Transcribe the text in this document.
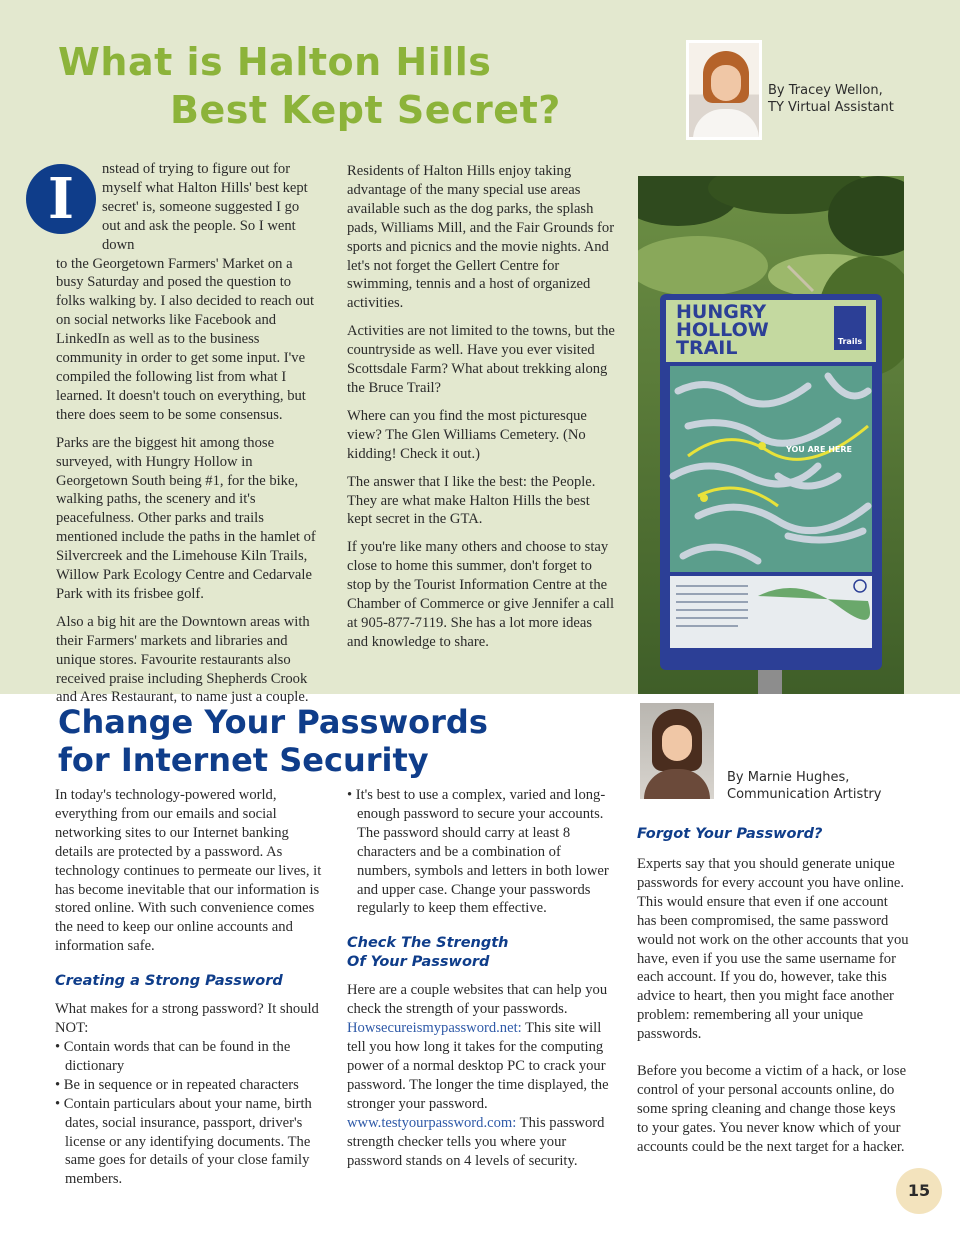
What is Halton Hills
Best Kept Secret?	By Tracey Wellon,
TY Virtual Assistant
I	nstead of trying to figure out for myself what Halton Hills' best kept secret' is, someone suggested I go out and ask the people. So I went down
to the Georgetown Farmers' Market on a busy Saturday and posed the question to folks walking by. I also decided to reach out on social networks like Facebook and LinkedIn as well as to the business community in order to get some input. I've compiled the following list from what I learned. It doesn't touch on everything, but there does seem to be some consensus.

Parks are the biggest hit among those surveyed, with Hungry Hollow in Georgetown South being #1, for the bike, walking paths, the scenery and it's peacefulness. Other parks and trails mentioned include the paths in the hamlet of Silvercreek and the Limehouse Kiln Trails, Willow Park Ecology Centre and Cedarvale Park with its frisbee golf.

Also a big hit are the Downtown areas with their Farmers' markets and libraries and unique stores. Favourite restaurants also received praise including Shepherds Crook and Ares Restaurant, to name just a couple.

Residents of Halton Hills enjoy taking advantage of the many special use areas available such as the dog parks, the splash pads, Williams Mill, and the Fair Grounds for sports and picnics and the movie nights. And let's not forget the Gellert Centre for swimming, tennis and a host of organized activities.

Activities are not limited to the towns, but the countryside as well. Have you ever visited Scottsdale Farm? What about trekking along the Bruce Trail?

Where can you find the most picturesque view? The Glen Williams Cemetery. (No kidding! Check it out.)

The answer that I like the best: the People. They are what make Halton Hills the best kept secret in the GTA.

If you're like many others and choose to stay close to home this summer, don't forget to stop by the Tourist Information Centre at the Chamber of Commerce or give Jennifer a call at 905-877-7119. She has a lot more ideas and knowledge to share.

HUNGRY
HOLLOW
TRAIL	Trails
YOU ARE HERE
Change Your Passwords
for Internet Security	By Marnie Hughes,
Communication Artistry

In today's technology-powered world, everything from our emails and social networking sites to our Internet banking details are protected by a password. As technology continues to permeate our lives, it has become inevitable that our information is stored online. With such convenience comes the need to keep our online accounts and information safe.

Creating a Strong Password

What makes for a strong password? It should NOT:

• Contain words that can be found in the dictionary
• Be in sequence or in repeated characters
• Contain particulars about your name, birth dates, social insurance, passport, driver's license or any identifying documents. The same goes for details of your close family members.
• It's best to use a complex, varied and long-enough password to secure your accounts. The password should carry at least 8 characters and be a combination of numbers, symbols and letters in both lower and upper case. Change your passwords regularly to keep them effective.
Check The Strength
Of Your Password

Here are a couple websites that can help you check the strength of your passwords. Howsecureismypassword.net: This site will tell you how long it takes for the computing power of a normal desktop PC to crack your password. The longer the time displayed, the stronger your password. www.testyourpassword.com: This password strength checker tells you where your password stands on 4 levels of security.

Forgot Your Password?

Experts say that you should generate unique passwords for every account you have online. This would ensure that even if one account has been compromised, the same password would not work on the other accounts that you have, even if you use the same username for each account. If you do, however, take this advice to heart, then you might face another problem: remembering all your unique passwords.

Before you become a victim of a hack, or lose control of your personal accounts online, do some spring cleaning and change those keys to your gates. You never know which of your accounts could be the next target for a hacker.

15
